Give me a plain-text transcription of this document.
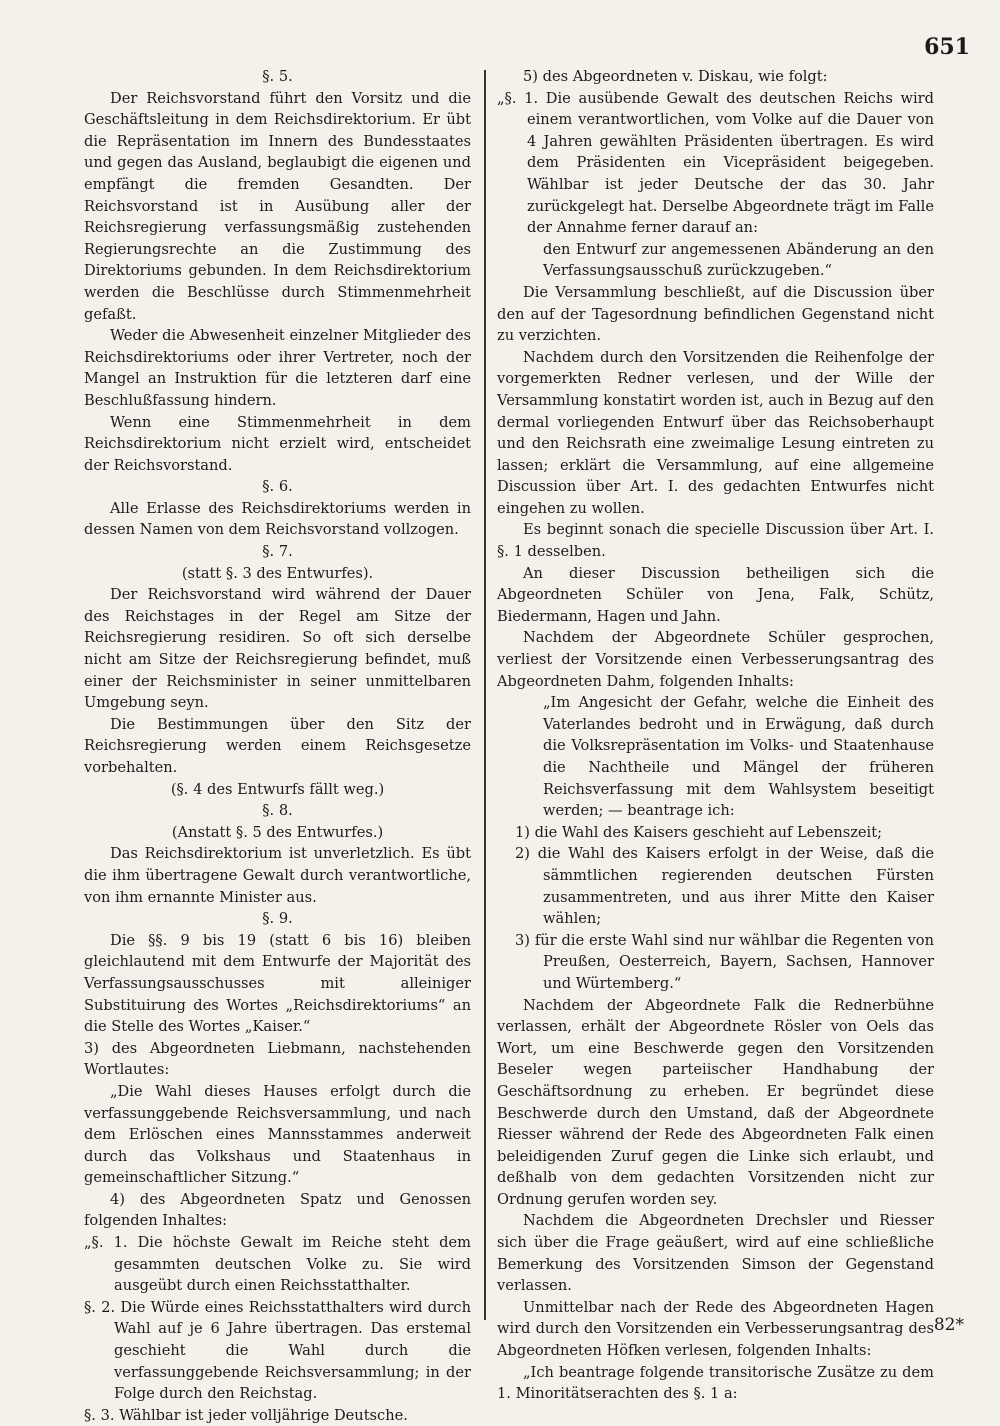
651

§. 5.

Der Reichsvorstand führt den Vorsitz und die Geschäftsleitung in dem Reichsdirektorium. Er übt die Repräsentation im Innern des Bundesstaates und gegen das Ausland, beglaubigt die eigenen und empfängt die fremden Gesandten. Der Reichsvorstand ist in Ausübung aller der Reichsregierung verfassungsmäßig zustehenden Regierungsrechte an die Zustimmung des Direktoriums gebunden. In dem Reichsdirektorium werden die Beschlüsse durch Stimmenmehrheit gefaßt.

Weder die Abwesenheit einzelner Mitglieder des Reichsdirektoriums oder ihrer Vertreter, noch der Mangel an Instruktion für die letzteren darf eine Beschlußfassung hindern.

Wenn eine Stimmenmehrheit in dem Reichsdirektorium nicht erzielt wird, entscheidet der Reichsvorstand.

§. 6.

Alle Erlasse des Reichsdirektoriums werden in dessen Namen von dem Reichsvorstand vollzogen.

§. 7.

(statt §. 3 des Entwurfes).

Der Reichsvorstand wird während der Dauer des Reichstages in der Regel am Sitze der Reichsregierung residiren. So oft sich derselbe nicht am Sitze der Reichsregierung befindet, muß einer der Reichsminister in seiner unmittelbaren Umgebung seyn.

Die Bestimmungen über den Sitz der Reichsregierung werden einem Reichsgesetze vorbehalten.

(§. 4 des Entwurfs fällt weg.)

§. 8.

(Anstatt §. 5 des Entwurfes.)

Das Reichsdirektorium ist unverletzlich. Es übt die ihm übertragene Gewalt durch verantwortliche, von ihm ernannte Minister aus.

§. 9.

Die §§. 9 bis 19 (statt 6 bis 16) bleiben gleichlautend mit dem Entwurfe der Majorität des Verfassungsausschusses mit alleiniger Substituirung des Wortes „Reichsdirektoriums“ an die Stelle des Wortes „Kaiser.“

3) des Abgeordneten Liebmann, nachstehenden Wortlautes:

„Die Wahl dieses Hauses erfolgt durch die verfassunggebende Reichsversammlung, und nach dem Erlöschen eines Mannsstammes anderweit durch das Volkshaus und Staatenhaus in gemeinschaftlicher Sitzung.“

4) des Abgeordneten Spatz und Genossen folgenden Inhaltes:

„§. 1. Die höchste Gewalt im Reiche steht dem gesammten deutschen Volke zu. Sie wird ausgeübt durch einen Reichsstatthalter.

§. 2. Die Würde eines Reichsstatthalters wird durch Wahl auf je 6 Jahre übertragen. Das erstemal geschieht die Wahl durch die verfassunggebende Reichsversammlung; in der Folge durch den Reichstag.

§. 3. Wählbar ist jeder volljährige Deutsche.

5) des Abgeordneten v. Diskau, wie folgt:

„§. 1. Die ausübende Gewalt des deutschen Reichs wird einem verantwortlichen, vom Volke auf die Dauer von 4 Jahren gewählten Präsidenten übertragen. Es wird dem Präsidenten ein Vicepräsident beigegeben. Wählbar ist jeder Deutsche der das 30. Jahr zurückgelegt hat. Derselbe Abgeordnete trägt im Falle der Annahme ferner darauf an:

den Entwurf zur angemessenen Abänderung an den Verfassungsausschuß zurückzugeben.“

Die Versammlung beschließt, auf die Discussion über den auf der Tagesordnung befindlichen Gegenstand nicht zu verzichten.

Nachdem durch den Vorsitzenden die Reihenfolge der vorgemerkten Redner verlesen, und der Wille der Versammlung konstatirt worden ist, auch in Bezug auf den dermal vorliegenden Entwurf über das Reichsoberhaupt und den Reichsrath eine zweimalige Lesung eintreten zu lassen; erklärt die Versammlung, auf eine allgemeine Discussion über Art. I. des gedachten Entwurfes nicht eingehen zu wollen.

Es beginnt sonach die specielle Discussion über Art. I. §. 1 desselben.

An dieser Discussion betheiligen sich die Abgeordneten Schüler von Jena, Falk, Schütz, Biedermann, Hagen und Jahn.

Nachdem der Abgeordnete Schüler gesprochen, verliest der Vorsitzende einen Verbesserungsantrag des Abgeordneten Dahm, folgenden Inhalts:

„Im Angesicht der Gefahr, welche die Einheit des Vaterlandes bedroht und in Erwägung, daß durch die Volksrepräsentation im Volks- und Staatenhause die Nachtheile und Mängel der früheren Reichsverfassung mit dem Wahlsystem beseitigt werden; — beantrage ich:

1) die Wahl des Kaisers geschieht auf Lebenszeit;

2) die Wahl des Kaisers erfolgt in der Weise, daß die sämmtlichen regierenden deutschen Fürsten zusammentreten, und aus ihrer Mitte den Kaiser wählen;

3) für die erste Wahl sind nur wählbar die Regenten von Preußen, Oesterreich, Bayern, Sachsen, Hannover und Würtemberg.“

Nachdem der Abgeordnete Falk die Rednerbühne verlassen, erhält der Abgeordnete Rösler von Oels das Wort, um eine Beschwerde gegen den Vorsitzenden Beseler wegen parteiischer Handhabung der Geschäftsordnung zu erheben. Er begründet diese Beschwerde durch den Umstand, daß der Abgeordnete Riesser während der Rede des Abgeordneten Falk einen beleidigenden Zuruf gegen die Linke sich erlaubt, und deßhalb von dem gedachten Vorsitzenden nicht zur Ordnung gerufen worden sey.

Nachdem die Abgeordneten Drechsler und Riesser sich über die Frage geäußert, wird auf eine schließliche Bemerkung des Vorsitzenden Simson der Gegenstand verlassen.

Unmittelbar nach der Rede des Abgeordneten Hagen wird durch den Vorsitzenden ein Verbesserungsantrag des Abgeordneten Höfken verlesen, folgenden Inhalts:

„Ich beantrage folgende transitorische Zusätze zu dem 1. Minoritätserachten des §. 1 a:

82*
